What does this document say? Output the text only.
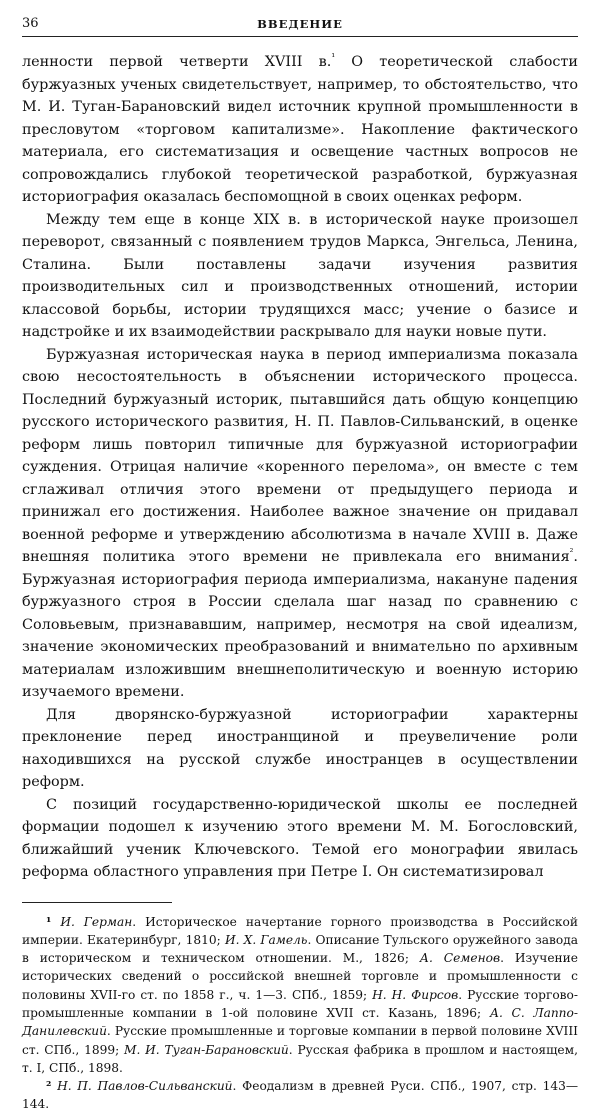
36	ВВЕДЕНИЕ

ленности первой четверти XVIII в.$^{^1}$ О теоретической слабости буржуазных ученых свидетельствует, например, то обстоятельство, что М. И. Туган-Барановский видел источник крупной промышленности в пресловутом «торговом капитализме». Накопление фактического материала, его систематизация и освещение частных вопросов не сопровождались глубокой теоретической разработкой, буржуазная историография оказалась беспомощной в своих оценках реформ.

Между тем еще в конце XIX в. в исторической науке произошел переворот, связанный с появлением трудов Маркса, Энгельса, Ленина, Сталина. Были поставлены задачи изучения развития производительных сил и производственных отношений, истории классовой борьбы, истории трудящихся масс; учение о базисе и надстройке и их взаимодействии раскрывало для науки новые пути.

Буржуазная историческая наука в период империализма показала свою несостоятельность в объяснении исторического процесса. Последний буржуазный историк, пытавшийся дать общую концепцию русского исторического развития, Н. П. Павлов-Сильванский, в оценке реформ лишь повторил типичные для буржуазной историографии суждения. Отрицая наличие «коренного перелома», он вместе с тем сглаживал отличия этого времени от предыдущего периода и принижал его достижения. Наиболее важное значение он придавал военной реформе и утверждению абсолютизма в начале XVIII в. Даже внешняя политика этого времени не привлекала его внимания$^{^2}$. Буржуазная историография периода империализма, накануне падения буржуазного строя в России сделала шаг назад по сравнению с Соловьевым, признававшим, например, несмотря на свой идеализм, значение экономических преобразований и внимательно по архивным материалам изложившим внешнеполитическую и военную историю изучаемого времени.

Для дворянско-буржуазной историографии характерны преклонение перед иностранщиной и преувеличение роли находившихся на русской службе иностранцев в осуществлении реформ.

С позиций государственно-юридической школы ее последней формации подошел к изучению этого времени М. М. Богословский, ближайший ученик Ключевского. Темой его монографии явилась реформа областного управления при Петре I. Он систематизировал

¹ И. Герман. Историческое начертание горного производства в Российской империи. Екатеринбург, 1810; И. Х. Гамель. Описание Тульского оружейного завода в историческом и техническом отношении. М., 1826; А. Семенов. Изучение исторических сведений о российской внешней торговле и промышленности с половины XVII-го ст. по 1858 г., ч. 1—3. СПб., 1859; Н. Н. Фирсов. Русские торгово-промышленные компании в 1-ой половине XVII ст. Казань, 1896; А. С. Лаппо-Данилевский. Русские промышленные и торговые компании в первой половине XVIII ст. СПб., 1899; М. И. Туган-Барановский. Русская фабрика в прошлом и настоящем, т. I, СПб., 1898.

² Н. П. Павлов-Сильванский. Феодализм в древней Руси. СПб., 1907, стр. 143—144.
